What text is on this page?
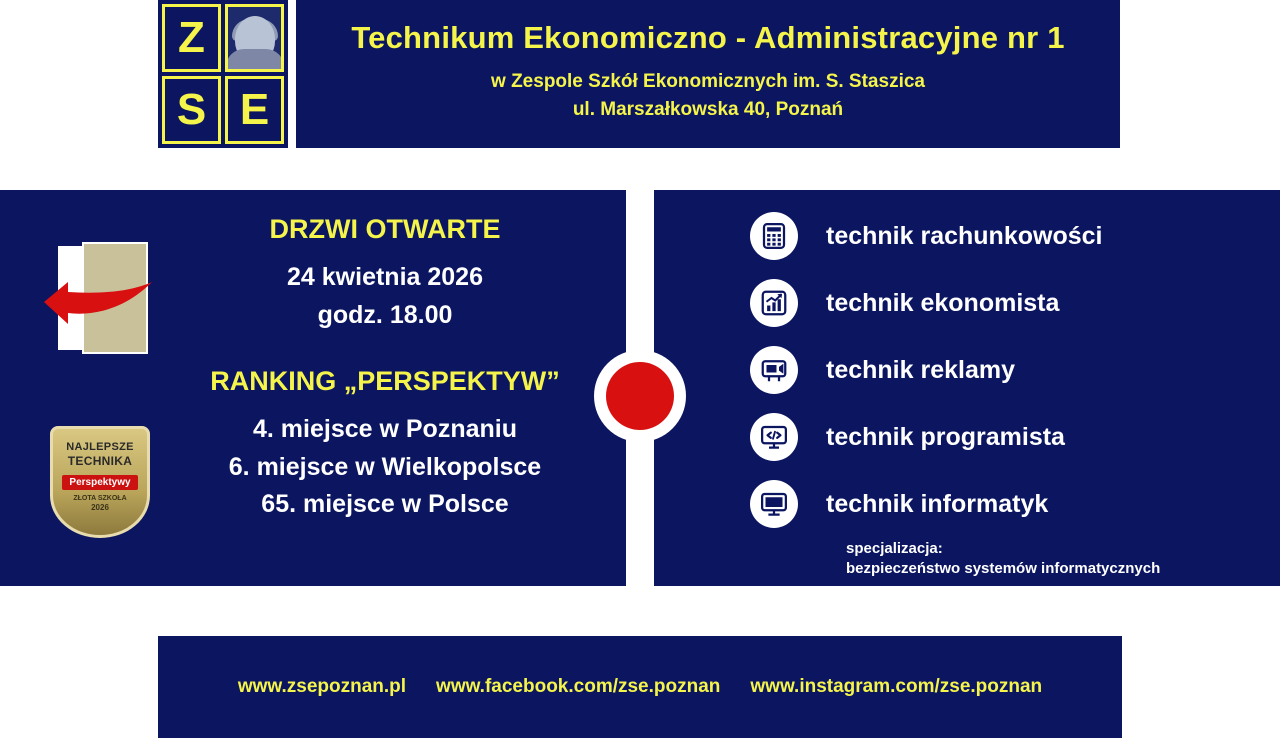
Z
S E
Technikum Ekonomiczno - Administracyjne nr 1
w Zespole Szkół Ekonomicznych im. S. Staszica
ul. Marszałkowska 40, Poznań
NAJLEPSZE
TECHNIKA
Perspektywy
ZŁOTA SZKOŁA
2026
DRZWI OTWARTE
24 kwietnia 2026
godz. 18.00
RANKING „PERSPEKTYW”
4. miejsce w Poznaniu
6. miejsce w Wielkopolsce
65. miejsce w Polsce
technik rachunkowości
technik ekonomista
technik reklamy
technik programista
technik informatyk
specjalizacja:
bezpieczeństwo systemów informatycznych
www.zsepoznan.pl www.facebook.com/zse.poznan www.instagram.com/zse.poznan
